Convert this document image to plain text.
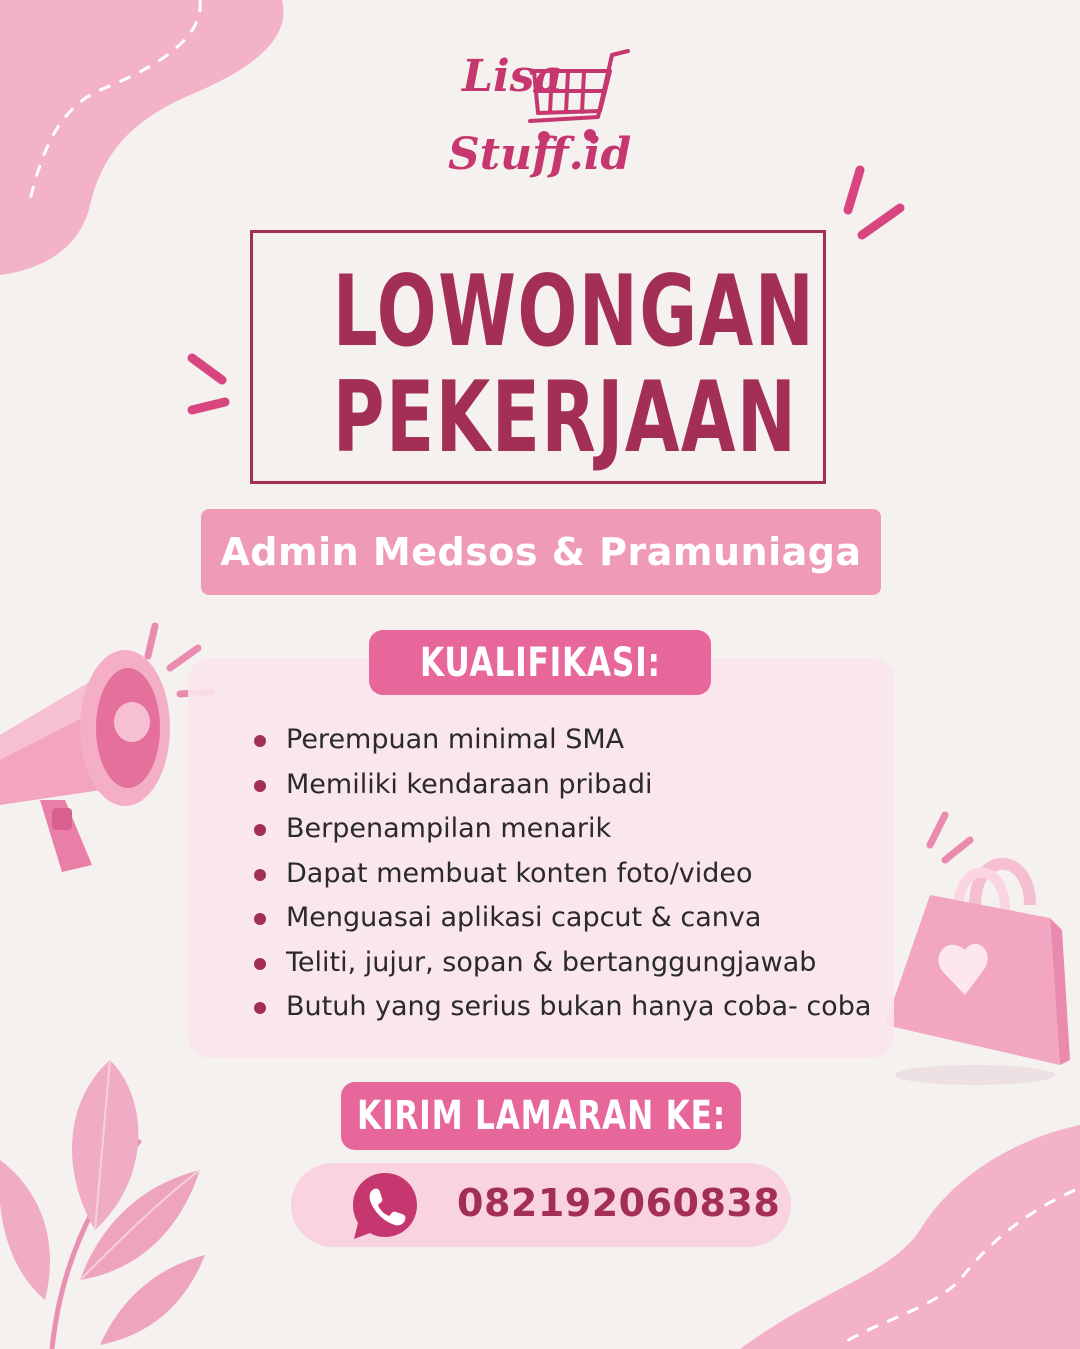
Lisa
Stuff.id
LOWONGAN
PEKERJAAN
Admin Medsos & Pramuniaga
KUALIFIKASI:
Perempuan minimal SMA
Memiliki kendaraan pribadi
Berpenampilan menarik
Dapat membuat konten foto/video
Menguasai aplikasi capcut & canva
Teliti, jujur, sopan & bertanggungjawab
Butuh yang serius bukan hanya coba- coba
KIRIM LAMARAN KE:
082192060838
